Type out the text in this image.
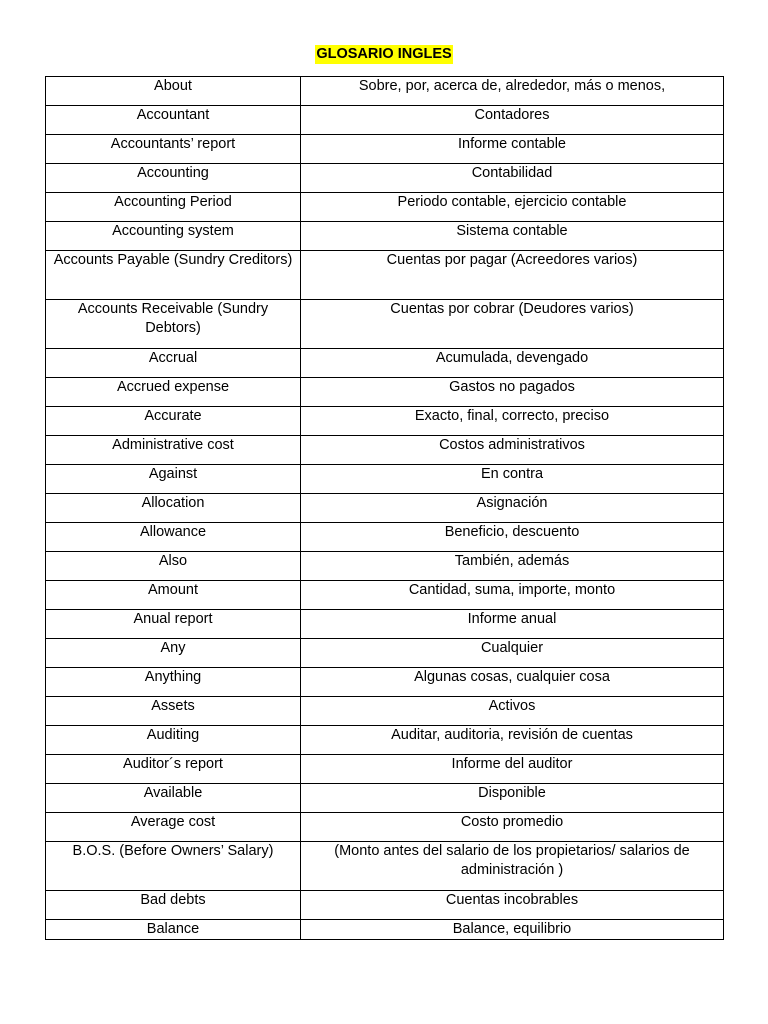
GLOSARIO INGLES
About	Sobre, por, acerca de, alrededor, más o menos,
Accountant	Contadores
Accountants’ report	Informe contable
Accounting	Contabilidad
Accounting Period	Periodo contable, ejercicio contable
Accounting system	Sistema contable
Accounts Payable (Sundry Creditors)	Cuentas por pagar (Acreedores varios)
Accounts Receivable (Sundry Debtors)	Cuentas por cobrar (Deudores varios)
Accrual	Acumulada, devengado
Accrued expense	Gastos no pagados
Accurate	Exacto, final, correcto, preciso
Administrative cost	Costos administrativos
Against	En contra
Allocation	Asignación
Allowance	Beneficio, descuento
Also	También, además
Amount	Cantidad, suma, importe, monto
Anual report	Informe anual
Any	Cualquier
Anything	Algunas cosas, cualquier cosa
Assets	Activos
Auditing	Auditar, auditoria, revisión de cuentas
Auditor´s report	Informe del auditor
Available	Disponible
Average cost	Costo promedio
B.O.S. (Before Owners’ Salary)	(Monto antes del salario de los propietarios/ salarios de administración )
Bad debts	Cuentas incobrables
Balance	Balance, equilibrio
